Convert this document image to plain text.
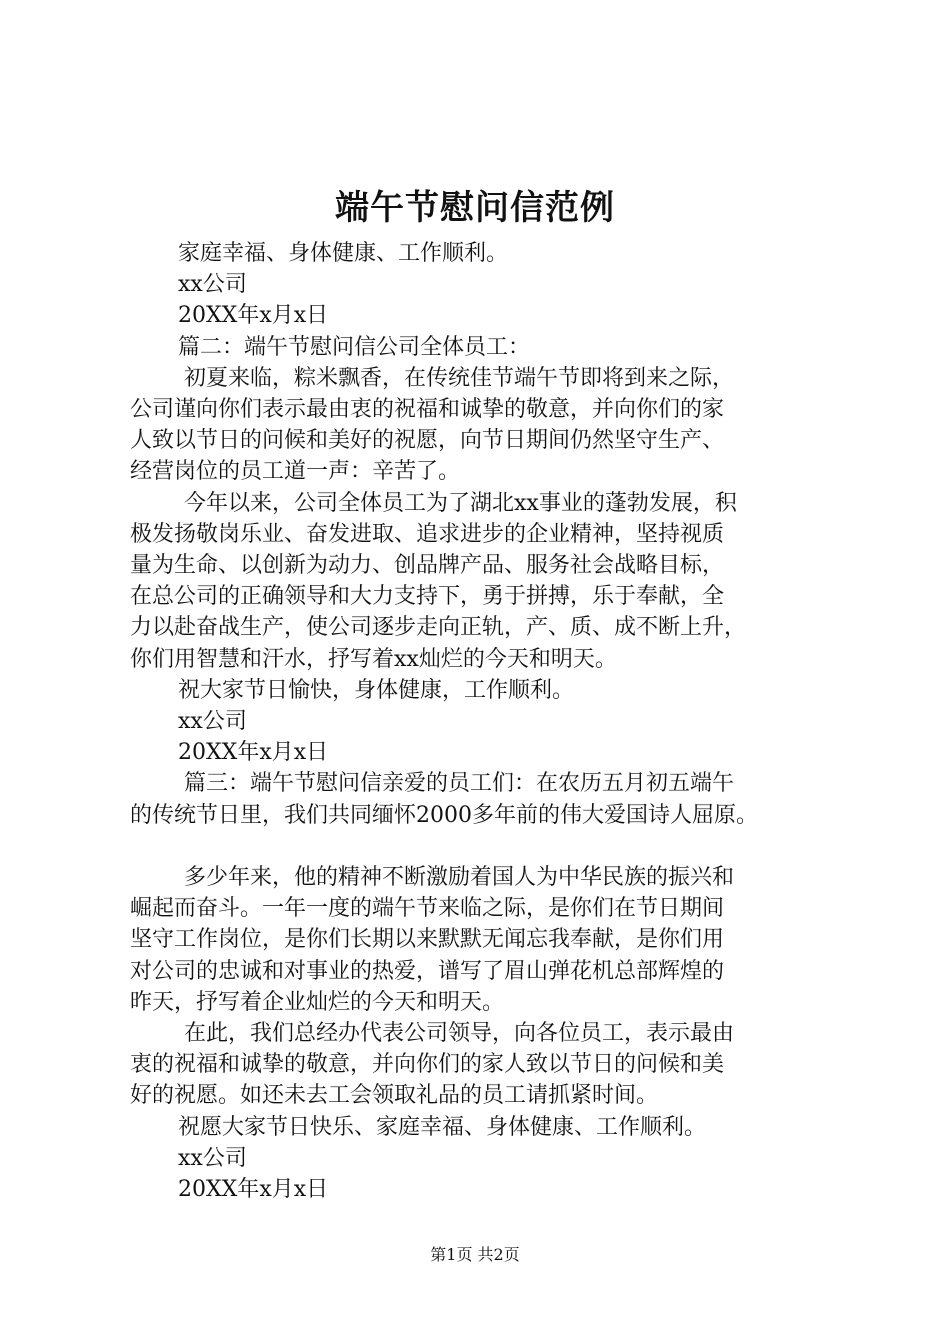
端午节慰问信范例
家庭幸福、身体健康、工作顺利。
xx公司
20XX年x月x日
篇二：端午节慰问信公司全体员工：
初夏来临，粽米飘香，在传统佳节端午节即将到来之际，
公司谨向你们表示最由衷的祝福和诚挚的敬意，并向你们的家
人致以节日的问候和美好的祝愿，向节日期间仍然坚守生产、
经营岗位的员工道一声：辛苦了。
今年以来，公司全体员工为了湖北xx事业的蓬勃发展，积
极发扬敬岗乐业、奋发进取、追求进步的企业精神，坚持视质
量为生命、以创新为动力、创品牌产品、服务社会战略目标，
在总公司的正确领导和大力支持下，勇于拼搏，乐于奉献，全
力以赴奋战生产，使公司逐步走向正轨，产、质、成不断上升，
你们用智慧和汗水，抒写着xx灿烂的今天和明天。
祝大家节日愉快，身体健康，工作顺利。
xx公司
20XX年x月x日
篇三：端午节慰问信亲爱的员工们：在农历五月初五端午
的传统节日里，我们共同缅怀2000多年前的伟大爱国诗人屈原。
多少年来，他的精神不断激励着国人为中华民族的振兴和
崛起而奋斗。一年一度的端午节来临之际，是你们在节日期间
坚守工作岗位，是你们长期以来默默无闻忘我奉献，是你们用
对公司的忠诚和对事业的热爱，谱写了眉山弹花机总部辉煌的
昨天，抒写着企业灿烂的今天和明天。
在此，我们总经办代表公司领导，向各位员工，表示最由
衷的祝福和诚挚的敬意，并向你们的家人致以节日的问候和美
好的祝愿。如还未去工会领取礼品的员工请抓紧时间。
祝愿大家节日快乐、家庭幸福、身体健康、工作顺利。
xx公司
20XX年x月x日
第1页 共2页
